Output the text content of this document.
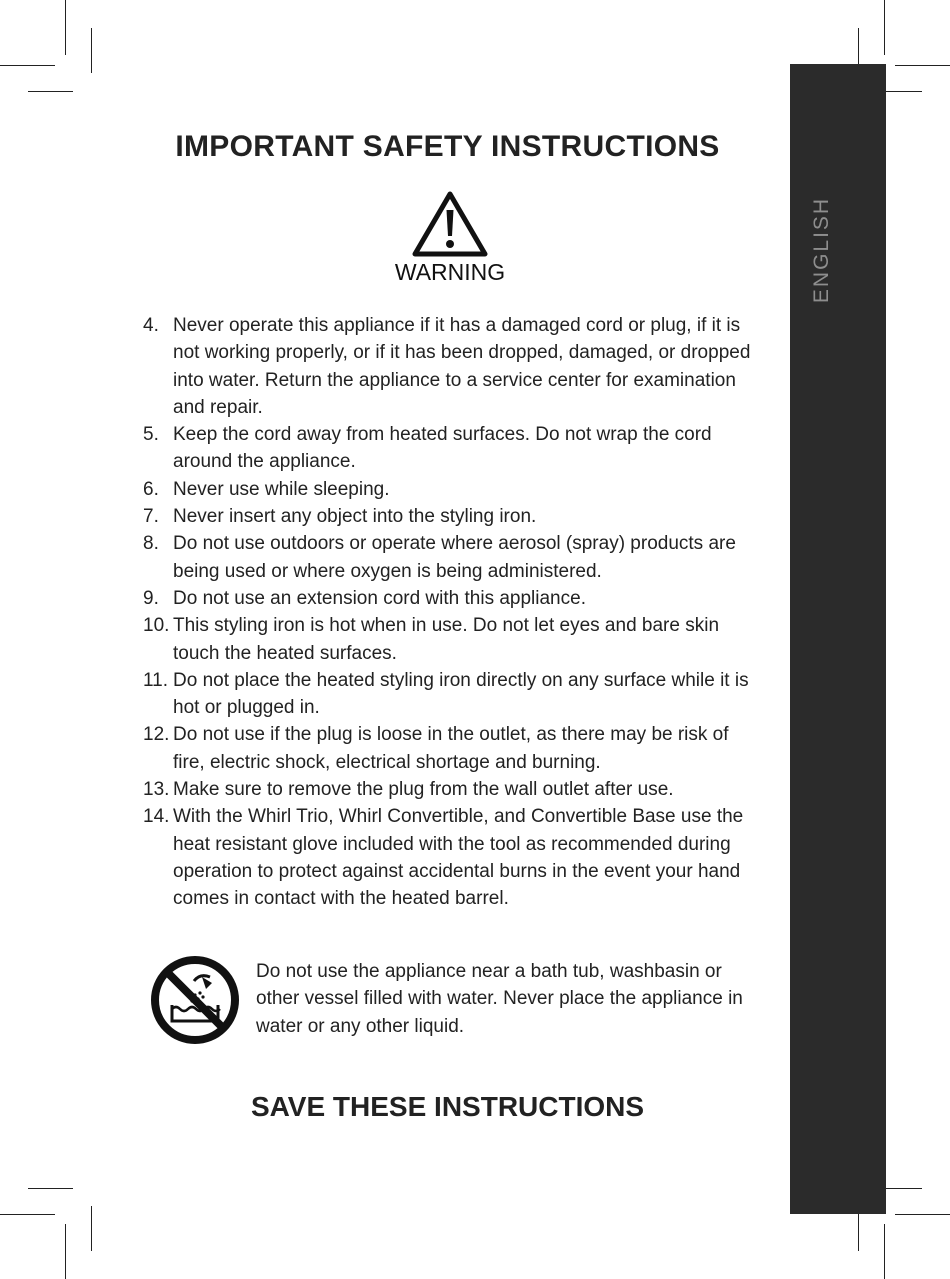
ENGLISH
IMPORTANT SAFETY INSTRUCTIONS
WARNING
4. Never operate this appliance if it has a damaged cord or plug, if it is not working properly, or if it has been dropped, damaged, or dropped into water. Return the appliance to a service center for examination and repair.
5. Keep the cord away from heated surfaces. Do not wrap the cord around the appliance.
6. Never use while sleeping.
7. Never insert any object into the styling iron.
8. Do not use outdoors or operate where aerosol (spray) products are being used or where oxygen is being administered.
9. Do not use an extension cord with this appliance.
10. This styling iron is hot when in use. Do not let eyes and bare skin touch the heated surfaces.
11. Do not place the heated styling iron directly on any surface while it is hot or plugged in.
12. Do not use if the plug is loose in the outlet, as there may be risk of fire, electric shock, electrical shortage and burning.
13. Make sure to remove the plug from the wall outlet after use.
14. With the Whirl Trio, Whirl Convertible, and Convertible Base use the heat resistant glove included with the tool as recommended during operation to protect against accidental burns in the event your hand comes in contact with the heated barrel.
Do not use the appliance near a bath tub, washbasin or other vessel filled with water. Never place the appliance in water or any other liquid.
SAVE THESE INSTRUCTIONS
